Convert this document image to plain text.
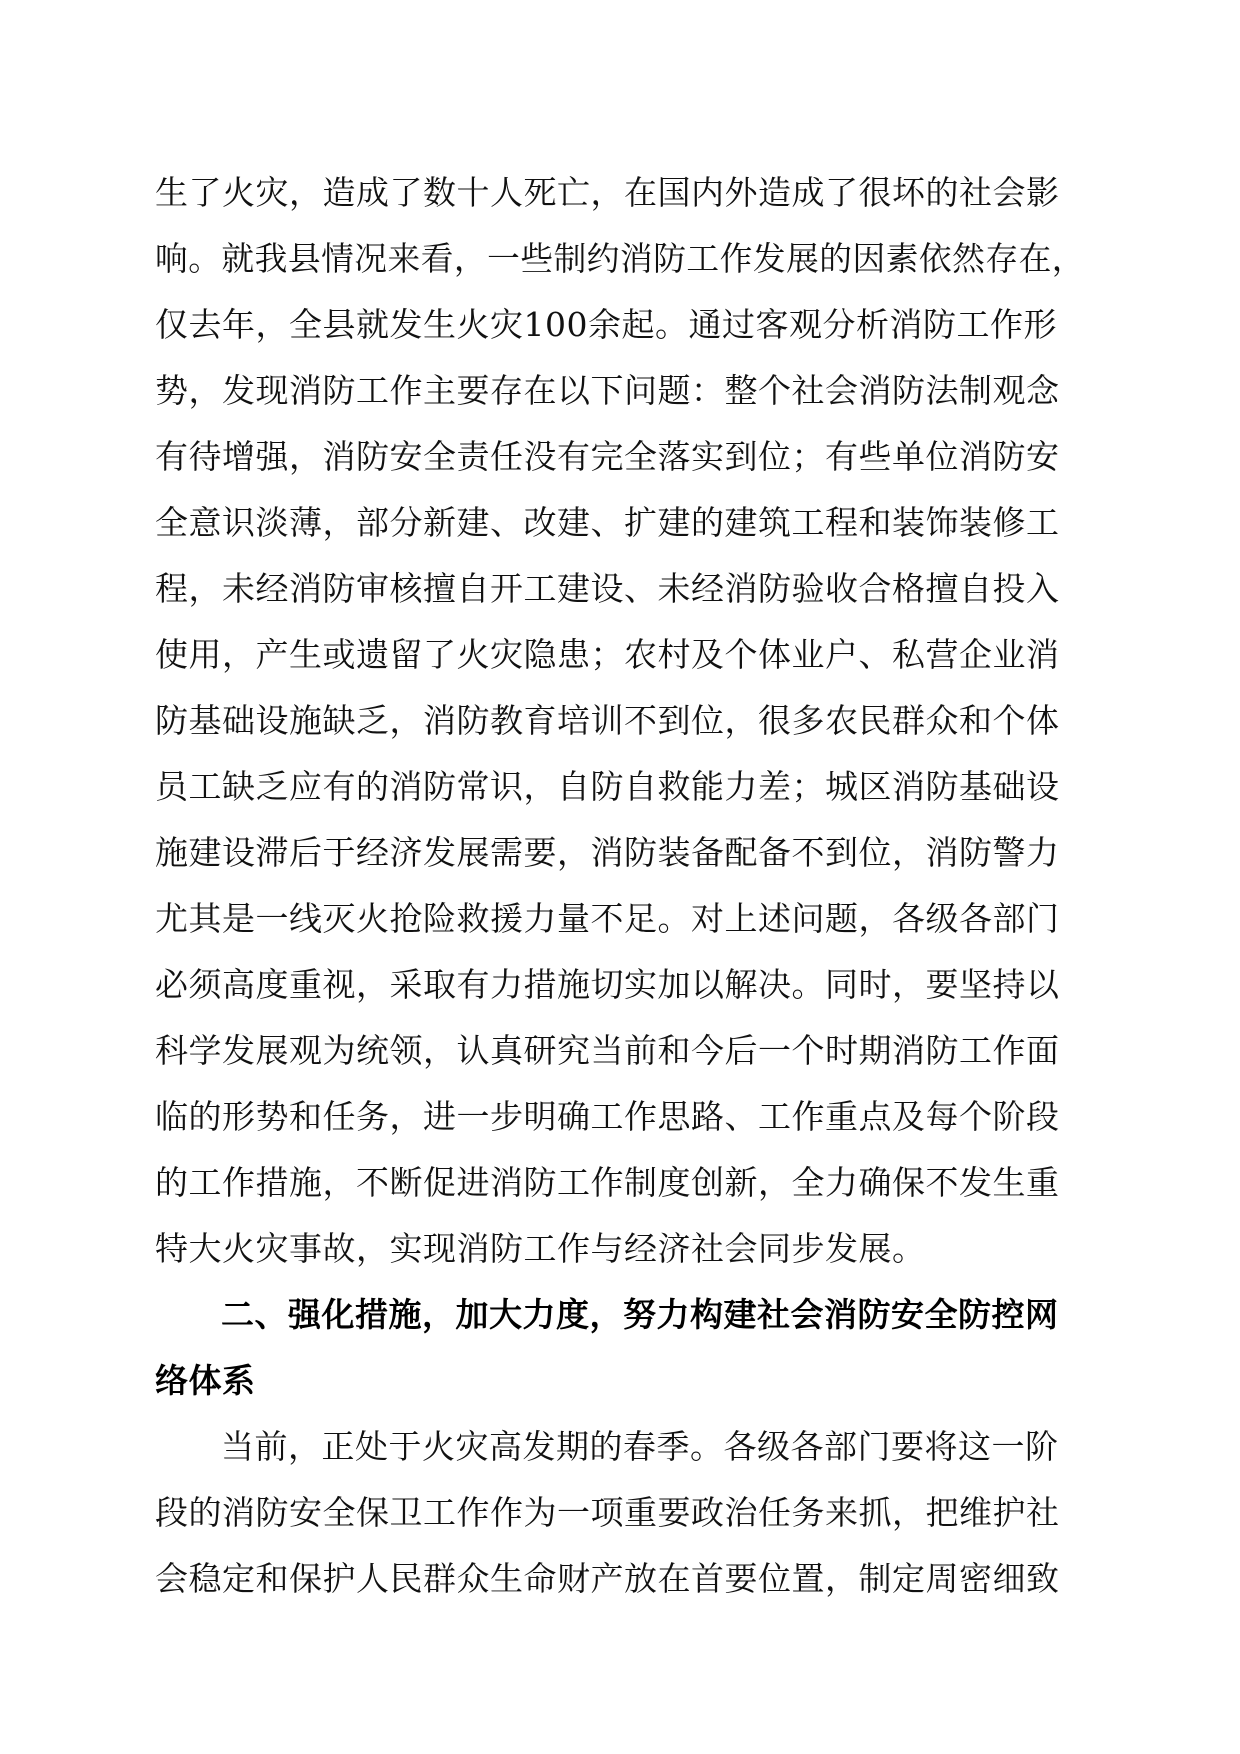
生了火灾，造成了数十人死亡，在国内外造成了很坏的社会影
响。就我县情况来看，一些制约消防工作发展的因素依然存在，
仅去年，全县就发生火灾100余起。通过客观分析消防工作形
势，发现消防工作主要存在以下问题：整个社会消防法制观念
有待增强，消防安全责任没有完全落实到位；有些单位消防安
全意识淡薄，部分新建、改建、扩建的建筑工程和装饰装修工
程，未经消防审核擅自开工建设、未经消防验收合格擅自投入
使用，产生或遗留了火灾隐患；农村及个体业户、私营企业消
防基础设施缺乏，消防教育培训不到位，很多农民群众和个体
员工缺乏应有的消防常识，自防自救能力差；城区消防基础设
施建设滞后于经济发展需要，消防装备配备不到位，消防警力
尤其是一线灭火抢险救援力量不足。对上述问题，各级各部门
必须高度重视，采取有力措施切实加以解决。同时，要坚持以
科学发展观为统领，认真研究当前和今后一个时期消防工作面
临的形势和任务，进一步明确工作思路、工作重点及每个阶段
的工作措施，不断促进消防工作制度创新，全力确保不发生重
特大火灾事故，实现消防工作与经济社会同步发展。
二、强化措施，加大力度，努力构建社会消防安全防控网
络体系
当前，正处于火灾高发期的春季。各级各部门要将这一阶
段的消防安全保卫工作作为一项重要政治任务来抓，把维护社
会稳定和保护人民群众生命财产放在首要位置，制定周密细致
